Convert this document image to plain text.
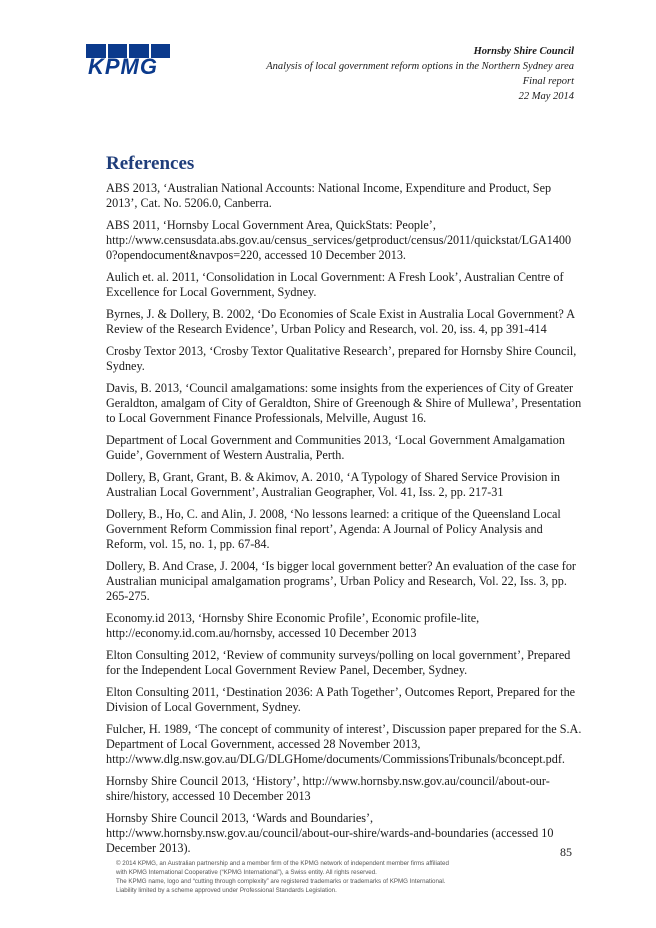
KPMG
Hornsby Shire Council
Analysis of local government reform options in the Northern Sydney area
Final report
22 May 2014
References

ABS 2013, ‘Australian National Accounts: National Income, Expenditure and Product, Sep 2013’, Cat. No. 5206.0, Canberra.

ABS 2011, ‘Hornsby Local Government Area, QuickStats: People’, http://www.censusdata.abs.gov.au/census_services/getproduct/census/2011/quickstat/LGA1400 0?opendocument&navpos=220, accessed 10 December 2013.

Aulich et. al. 2011, ‘Consolidation in Local Government: A Fresh Look’, Australian Centre of Excellence for Local Government, Sydney.

Byrnes, J. & Dollery, B. 2002, ‘Do Economies of Scale Exist in Australia Local Government? A Review of the Research Evidence’, Urban Policy and Research, vol. 20, iss. 4, pp 391-414

Crosby Textor 2013, ‘Crosby Textor Qualitative Research’, prepared for Hornsby Shire Council, Sydney.

Davis, B. 2013, ‘Council amalgamations: some insights from the experiences of City of Greater Geraldton, amalgam of City of Geraldton, Shire of Greenough & Shire of Mullewa’, Presentation to Local Government Finance Professionals, Melville, August 16.

Department of Local Government and Communities 2013, ‘Local Government Amalgamation Guide’, Government of Western Australia, Perth.

Dollery, B, Grant, Grant, B. & Akimov, A. 2010, ‘A Typology of Shared Service Provision in Australian Local Government’, Australian Geographer, Vol. 41, Iss. 2, pp. 217-31

Dollery, B., Ho, C. and Alin, J. 2008, ‘No lessons learned: a critique of the Queensland Local Government Reform Commission final report’, Agenda: A Journal of Policy Analysis and Reform, vol. 15, no. 1, pp. 67-84.

Dollery, B. And Crase, J. 2004, ‘Is bigger local government better? An evaluation of the case for Australian municipal amalgamation programs’, Urban Policy and Research, Vol. 22, Iss. 3, pp. 265-275.

Economy.id 2013, ‘Hornsby Shire Economic Profile’, Economic profile-lite, http://economy.id.com.au/hornsby, accessed 10 December 2013

Elton Consulting 2012, ‘Review of community surveys/polling on local government’, Prepared for the Independent Local Government Review Panel, December, Sydney.

Elton Consulting 2011, ‘Destination 2036: A Path Together’, Outcomes Report, Prepared for the Division of Local Government, Sydney.

Fulcher, H. 1989, ‘The concept of community of interest’, Discussion paper prepared for the S.A. Department of Local Government, accessed 28 November 2013, http://www.dlg.nsw.gov.au/DLG/DLGHome/documents/CommissionsTribunals/bconcept.pdf.

Hornsby Shire Council 2013, ‘History’, http://www.hornsby.nsw.gov.au/council/about-our-shire/history, accessed 10 December 2013

Hornsby Shire Council 2013, ‘Wards and Boundaries’, http://www.hornsby.nsw.gov.au/council/about-our-shire/wards-and-boundaries (accessed 10 December 2013).	85
© 2014 KPMG, an Australian partnership and a member firm of the KPMG network of independent member firms affiliated
with KPMG International Cooperative (“KPMG International”), a Swiss entity. All rights reserved.
The KPMG name, logo and “cutting through complexity” are registered trademarks or trademarks of KPMG International.
Liability limited by a scheme approved under Professional Standards Legislation.
